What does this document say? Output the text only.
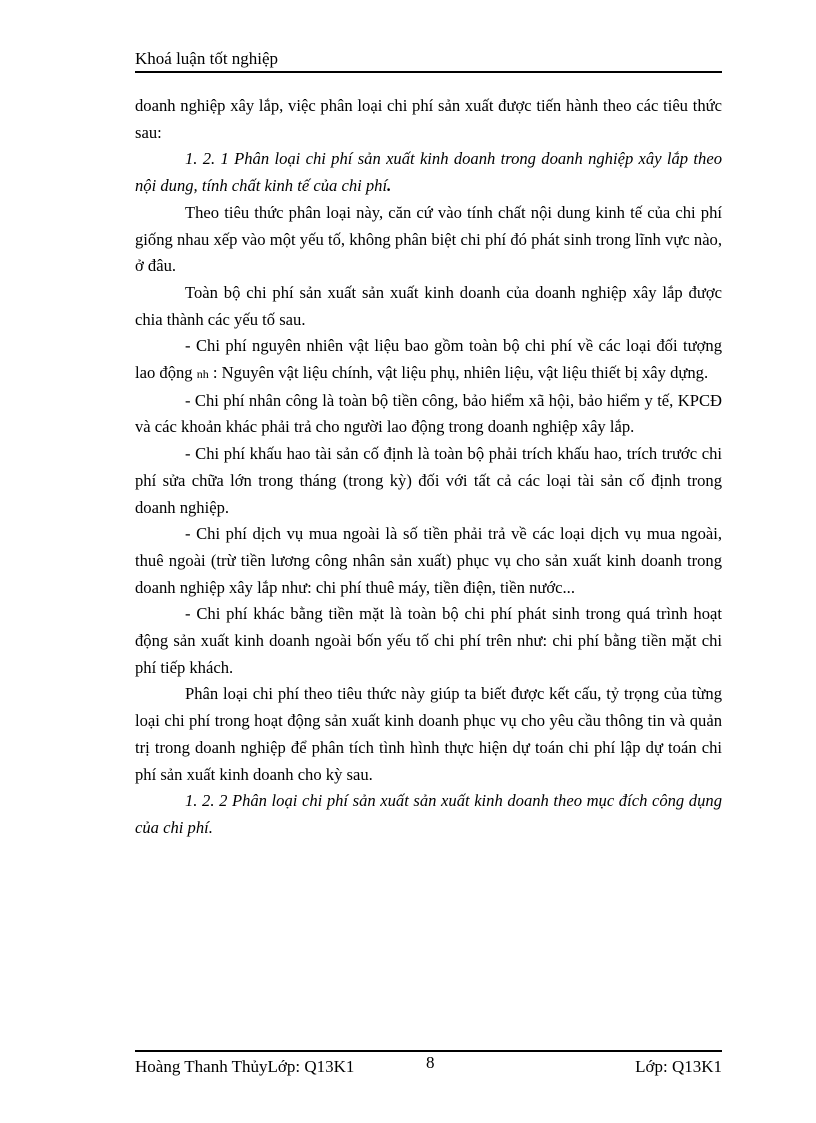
Khoá luận tốt nghiệp

doanh nghiệp xây lắp, việc phân loại chi phí sản xuất được tiến hành theo các tiêu thức sau:

1. 2. 1 Phân loại chi phí sản xuất kinh doanh trong doanh nghiệp xây lắp theo nội dung, tính chất kinh tế của chi phí.

Theo tiêu thức phân loại này, căn cứ vào tính chất nội dung kinh tế của chi phí giống nhau xếp vào một yếu tố, không phân biệt chi phí đó phát sinh trong lĩnh vực nào, ở đâu.

Toàn bộ chi phí sản xuất sản xuất kinh doanh của doanh nghiệp xây lắp được chia thành các yếu tố sau.

- Chi phí nguyên nhiên vật liệu bao gồm toàn bộ chi phí về các loại đối tượng lao động nh : Nguyên vật liệu chính, vật liệu phụ, nhiên liệu, vật liệu thiết bị xây dựng.

- Chi phí nhân công là toàn bộ tiền công, bảo hiểm xã hội, bảo hiểm y tế, KPCĐ và các khoản khác phải trả cho người lao động trong doanh nghiệp xây lắp.

- Chi phí khấu hao tài sản cố định là toàn bộ phải trích khấu hao, trích trước chi phí sửa chữa lớn trong tháng (trong kỳ) đối với tất cả các loại tài sản cố định trong doanh nghiệp.

- Chi phí dịch vụ mua ngoài là số tiền phải trả về các loại dịch vụ mua ngoài, thuê ngoài (trừ tiền lương công nhân sản xuất) phục vụ cho sản xuất kinh doanh trong doanh nghiệp xây lắp như: chi phí thuê máy, tiền điện, tiền nước...

- Chi phí khác bằng tiền mặt là toàn bộ chi phí phát sinh trong quá trình hoạt động sản xuất kinh doanh ngoài bốn yếu tố chi phí trên như: chi phí bằng tiền mặt chi phí tiếp khách.

Phân loại chi phí theo tiêu thức này giúp ta biết được kết cấu, tỷ trọng của từng loại chi phí trong hoạt động sản xuất kinh doanh phục vụ cho yêu cầu thông tin và quản trị trong doanh nghiệp để phân tích tình hình thực hiện dự toán chi phí lập dự toán chi phí sản xuất kinh doanh cho kỳ sau.

1. 2. 2 Phân loại chi phí sản xuất sản xuất kinh doanh theo mục đích công dụng của chi phí.

Hoàng Thanh ThủyLớp: Q13K1	8	Lớp: Q13K1
